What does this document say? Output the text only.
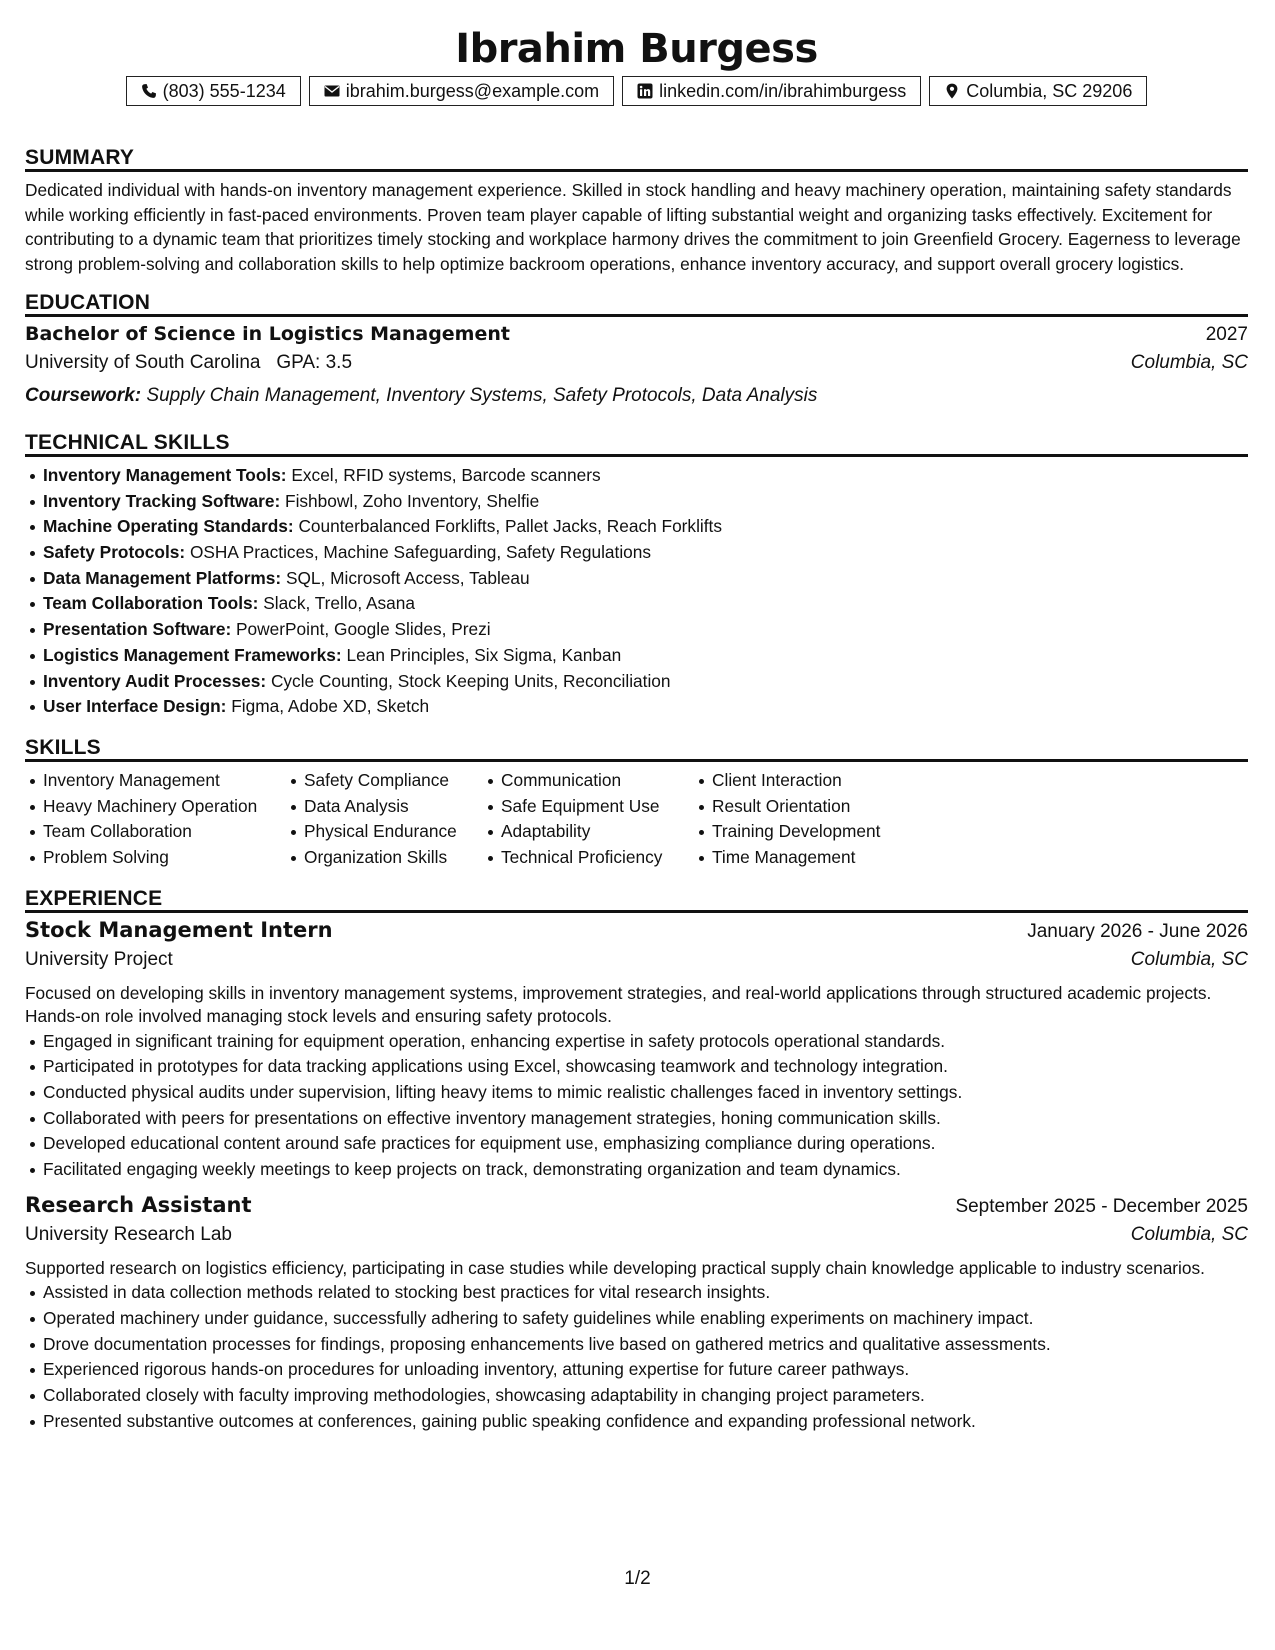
Ibrahim Burgess
(803) 555-1234	ibrahim.burgess@example.com	linkedin.com/in/ibrahimburgess	Columbia, SC 29206
SUMMARY

Dedicated individual with hands-on inventory management experience. Skilled in stock handling and heavy machinery operation, maintaining safety standards while working efficiently in fast-paced environments. Proven team player capable of lifting substantial weight and organizing tasks effectively. Excitement for contributing to a dynamic team that prioritizes timely stocking and workplace harmony drives the commitment to join Greenfield Grocery. Eagerness to leverage strong problem-solving and collaboration skills to help optimize backroom operations, enhance inventory accuracy, and support overall grocery logistics.

EDUCATION
Bachelor of Science in Logistics Management	2027
University of South Carolina   GPA: 3.5	Columbia, SC
Coursework: Supply Chain Management, Inventory Systems, Safety Protocols, Data Analysis
TECHNICAL SKILLS
Inventory Management Tools: Excel, RFID systems, Barcode scanners
Inventory Tracking Software: Fishbowl, Zoho Inventory, Shelfie
Machine Operating Standards: Counterbalanced Forklifts, Pallet Jacks, Reach Forklifts
Safety Protocols: OSHA Practices, Machine Safeguarding, Safety Regulations
Data Management Platforms: SQL, Microsoft Access, Tableau
Team Collaboration Tools: Slack, Trello, Asana
Presentation Software: PowerPoint, Google Slides, Prezi
Logistics Management Frameworks: Lean Principles, Six Sigma, Kanban
Inventory Audit Processes: Cycle Counting, Stock Keeping Units, Reconciliation
User Interface Design: Figma, Adobe XD, Sketch
SKILLS
Inventory Management
Heavy Machinery Operation
Team Collaboration
Problem Solving
Safety Compliance
Data Analysis
Physical Endurance
Organization Skills
Communication
Safe Equipment Use
Adaptability
Technical Proficiency
Client Interaction
Result Orientation
Training Development
Time Management
EXPERIENCE
Stock Management Intern	January 2026 - June 2026
University Project	Columbia, SC

Focused on developing skills in inventory management systems, improvement strategies, and real-world applications through structured academic projects. Hands-on role involved managing stock levels and ensuring safety protocols.

Engaged in significant training for equipment operation, enhancing expertise in safety protocols operational standards.
Participated in prototypes for data tracking applications using Excel, showcasing teamwork and technology integration.
Conducted physical audits under supervision, lifting heavy items to mimic realistic challenges faced in inventory settings.
Collaborated with peers for presentations on effective inventory management strategies, honing communication skills.
Developed educational content around safe practices for equipment use, emphasizing compliance during operations.
Facilitated engaging weekly meetings to keep projects on track, demonstrating organization and team dynamics.
Research Assistant	September 2025 - December 2025
University Research Lab	Columbia, SC

Supported research on logistics efficiency, participating in case studies while developing practical supply chain knowledge applicable to industry scenarios.

Assisted in data collection methods related to stocking best practices for vital research insights.
Operated machinery under guidance, successfully adhering to safety guidelines while enabling experiments on machinery impact.
Drove documentation processes for findings, proposing enhancements live based on gathered metrics and qualitative assessments.
Experienced rigorous hands-on procedures for unloading inventory, attuning expertise for future career pathways.
Collaborated closely with faculty improving methodologies, showcasing adaptability in changing project parameters.
Presented substantive outcomes at conferences, gaining public speaking confidence and expanding professional network.
1/2
